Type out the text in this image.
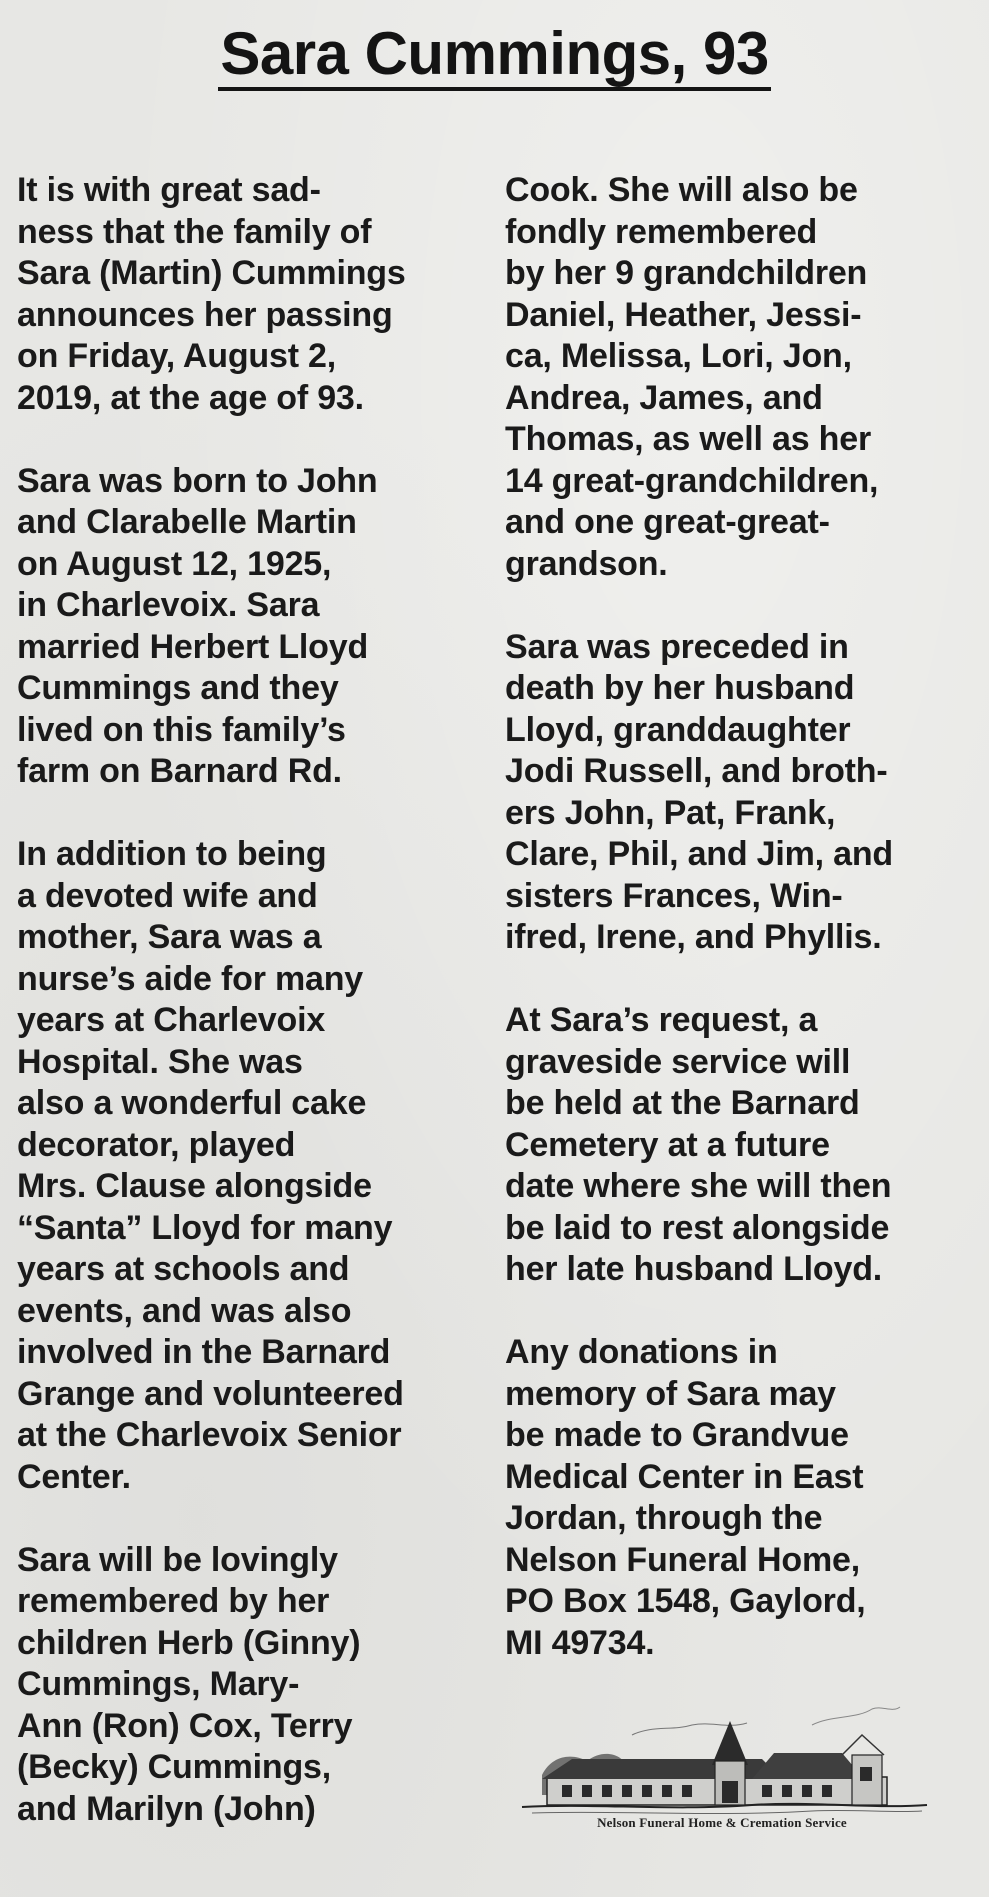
Sara Cummings, 93
It is with great sad-
ness that the family of
Sara (Martin) Cummings
announces her passing
on Friday, August 2,
2019, at the age of 93.
Sara was born to John
and Clarabelle Martin
on August 12, 1925,
in Charlevoix. Sara
married Herbert Lloyd
Cummings and they
lived on this family’s
farm on Barnard Rd.
In addition to being
a devoted wife and
mother, Sara was a
nurse’s aide for many
years at Charlevoix
Hospital. She was
also a wonderful cake
decorator, played
Mrs. Clause alongside
“Santa” Lloyd for many
years at schools and
events, and was also
involved in the Barnard
Grange and volunteered
at the Charlevoix Senior
Center.
Sara will be lovingly
remembered by her
children Herb (Ginny)
Cummings, Mary-
Ann (Ron) Cox, Terry
(Becky) Cummings,
and Marilyn (John)
Cook. She will also be
fondly remembered
by her 9 grandchildren
Daniel, Heather, Jessi-
ca, Melissa, Lori, Jon,
Andrea, James, and
Thomas, as well as her
14 great-grandchildren,
and one great-great-
grandson.
Sara was preceded in
death by her husband
Lloyd, granddaughter
Jodi Russell, and broth-
ers John, Pat, Frank,
Clare, Phil, and Jim, and
sisters Frances, Win-
ifred, Irene, and Phyllis.
At Sara’s request, a
graveside service will
be held at the Barnard
Cemetery at a future
date where she will then
be laid to rest alongside
her late husband Lloyd.
Any donations in
memory of Sara may
be made to Grandvue
Medical Center in East
Jordan, through the
Nelson Funeral Home,
PO Box 1548, Gaylord,
MI 49734.
Nelson Funeral Home & Cremation Service
